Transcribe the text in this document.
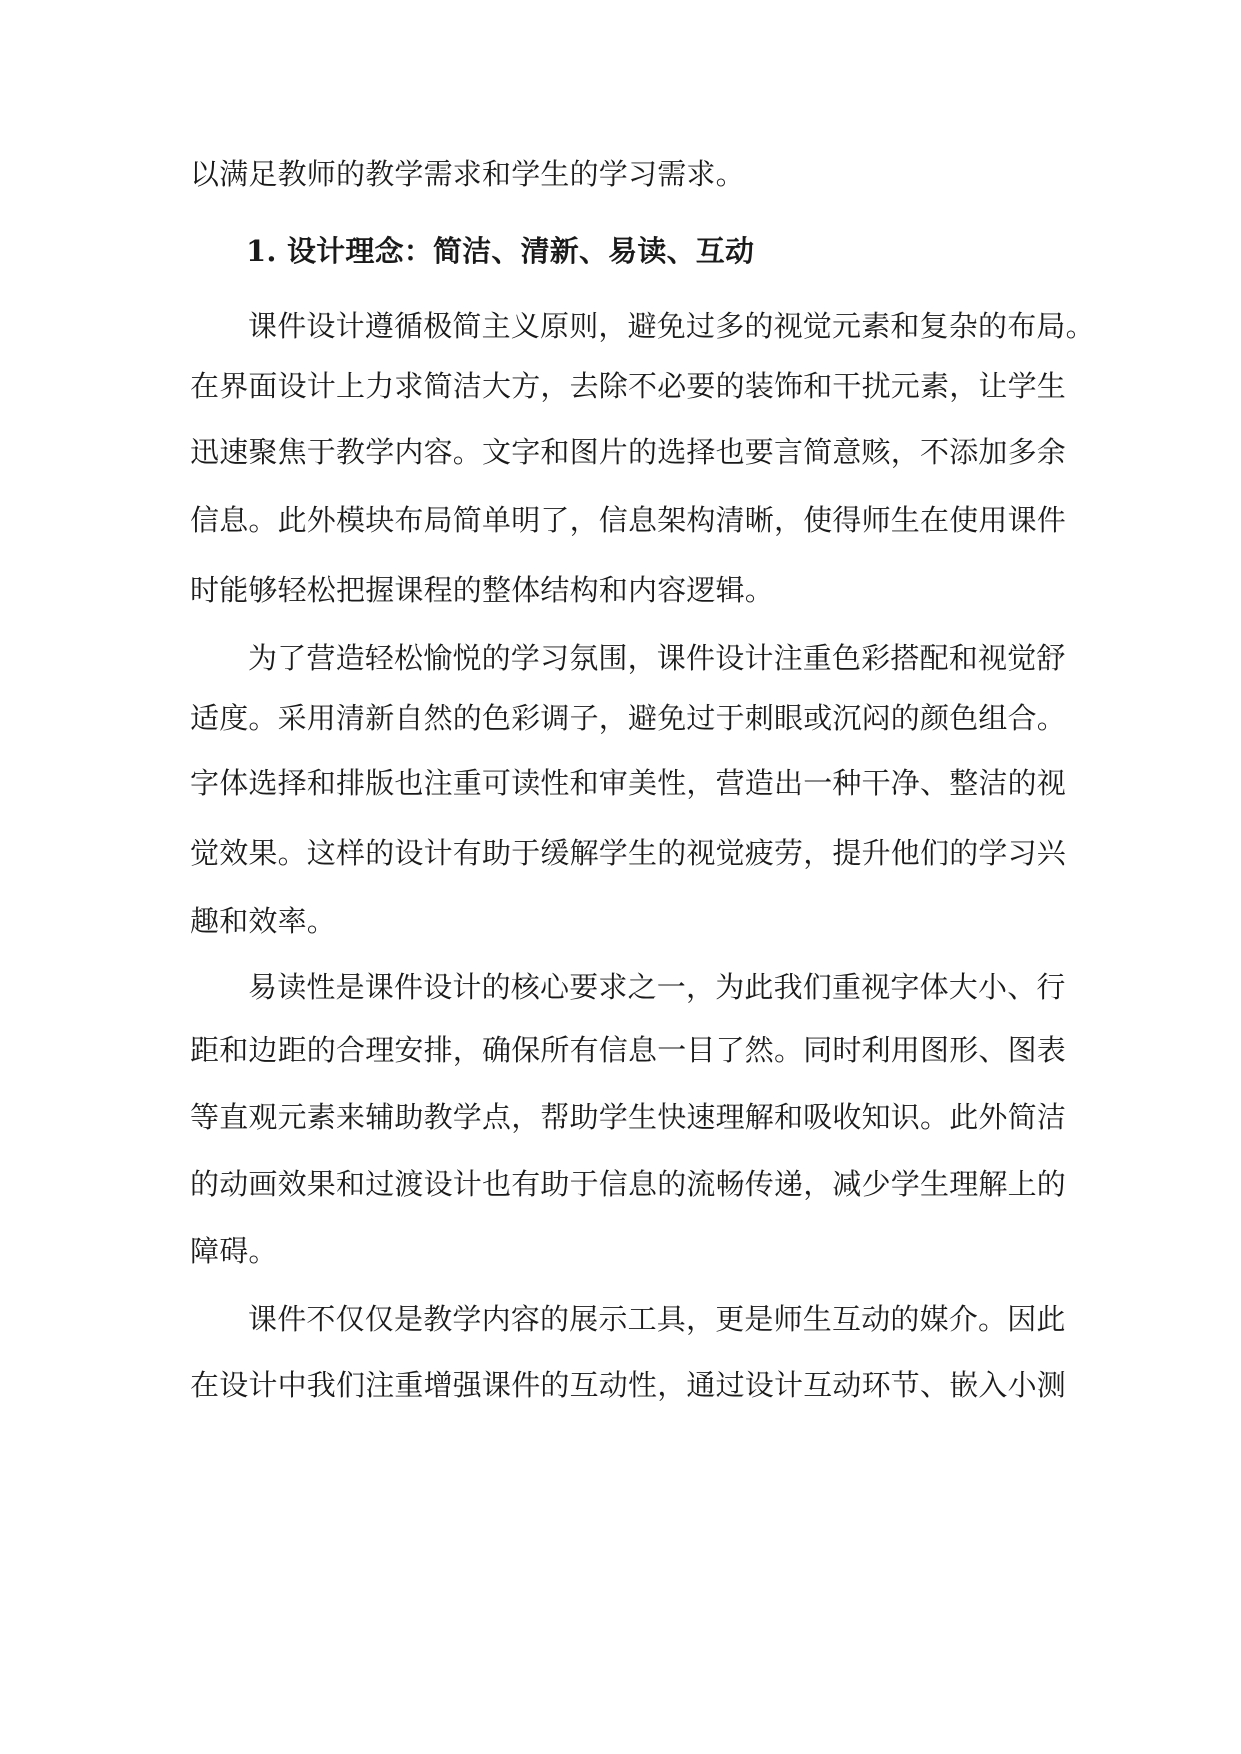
以满足教师的教学需求和学生的学习需求。
1. 设计理念：简洁、清新、易读、互动
课件设计遵循极简主义原则，避免过多的视觉元素和复杂的布局。
在界面设计上力求简洁大方，去除不必要的装饰和干扰元素，让学生
迅速聚焦于教学内容。文字和图片的选择也要言简意赅，不添加多余
信息。此外模块布局简单明了，信息架构清晰，使得师生在使用课件
时能够轻松把握课程的整体结构和内容逻辑。
为了营造轻松愉悦的学习氛围，课件设计注重色彩搭配和视觉舒
适度。采用清新自然的色彩调子，避免过于刺眼或沉闷的颜色组合。
字体选择和排版也注重可读性和审美性，营造出一种干净、整洁的视
觉效果。这样的设计有助于缓解学生的视觉疲劳，提升他们的学习兴
趣和效率。
易读性是课件设计的核心要求之一，为此我们重视字体大小、行
距和边距的合理安排，确保所有信息一目了然。同时利用图形、图表
等直观元素来辅助教学点，帮助学生快速理解和吸收知识。此外简洁
的动画效果和过渡设计也有助于信息的流畅传递，减少学生理解上的
障碍。
课件不仅仅是教学内容的展示工具，更是师生互动的媒介。因此
在设计中我们注重增强课件的互动性，通过设计互动环节、嵌入小测
